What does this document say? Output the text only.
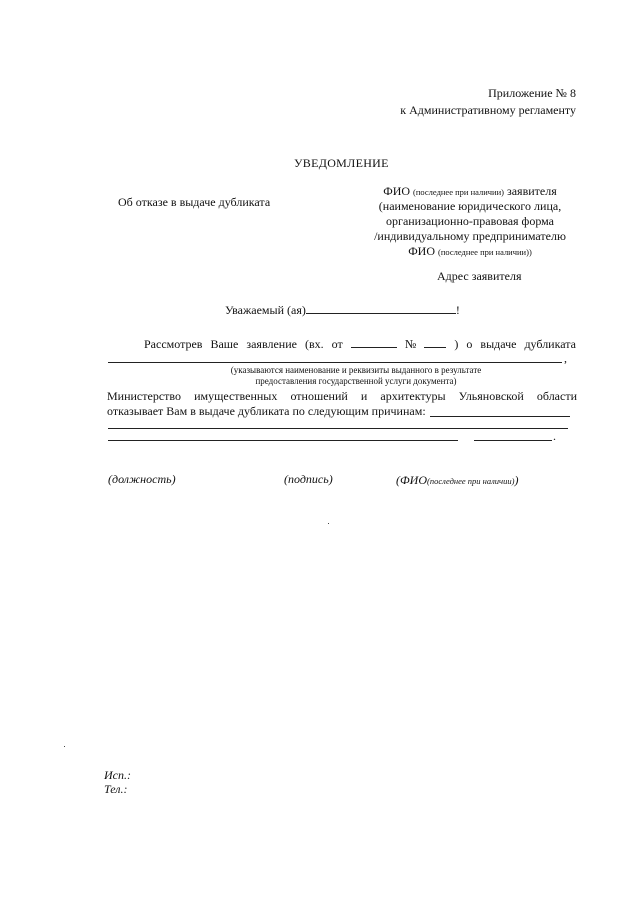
Приложение № 8
к Административному регламенту
УВЕДОМЛЕНИЕ
Об отказе в выдаче дубликата
ФИО (последнее при наличии) заявителя
(наименование юридического лица,
организационно-правовая форма
/индивидуальному предпринимателю
ФИО (последнее при наличии))
Адрес заявителя
Уважаемый (ая)	!
Рассмотрев Ваше заявление (вх. от	№	) о выдаче дубликата
,
(указываются наименование и реквизиты выданного в результате
предоставления государственной услуги документа)
Министерство имущественных отношений и архитектуры Ульяновской области
отказывает Вам в выдаче дубликата по следующим причинам:
.
(должность)	(подпись)	(ФИО(последнее при наличии))
Исп.:
Тел.:
